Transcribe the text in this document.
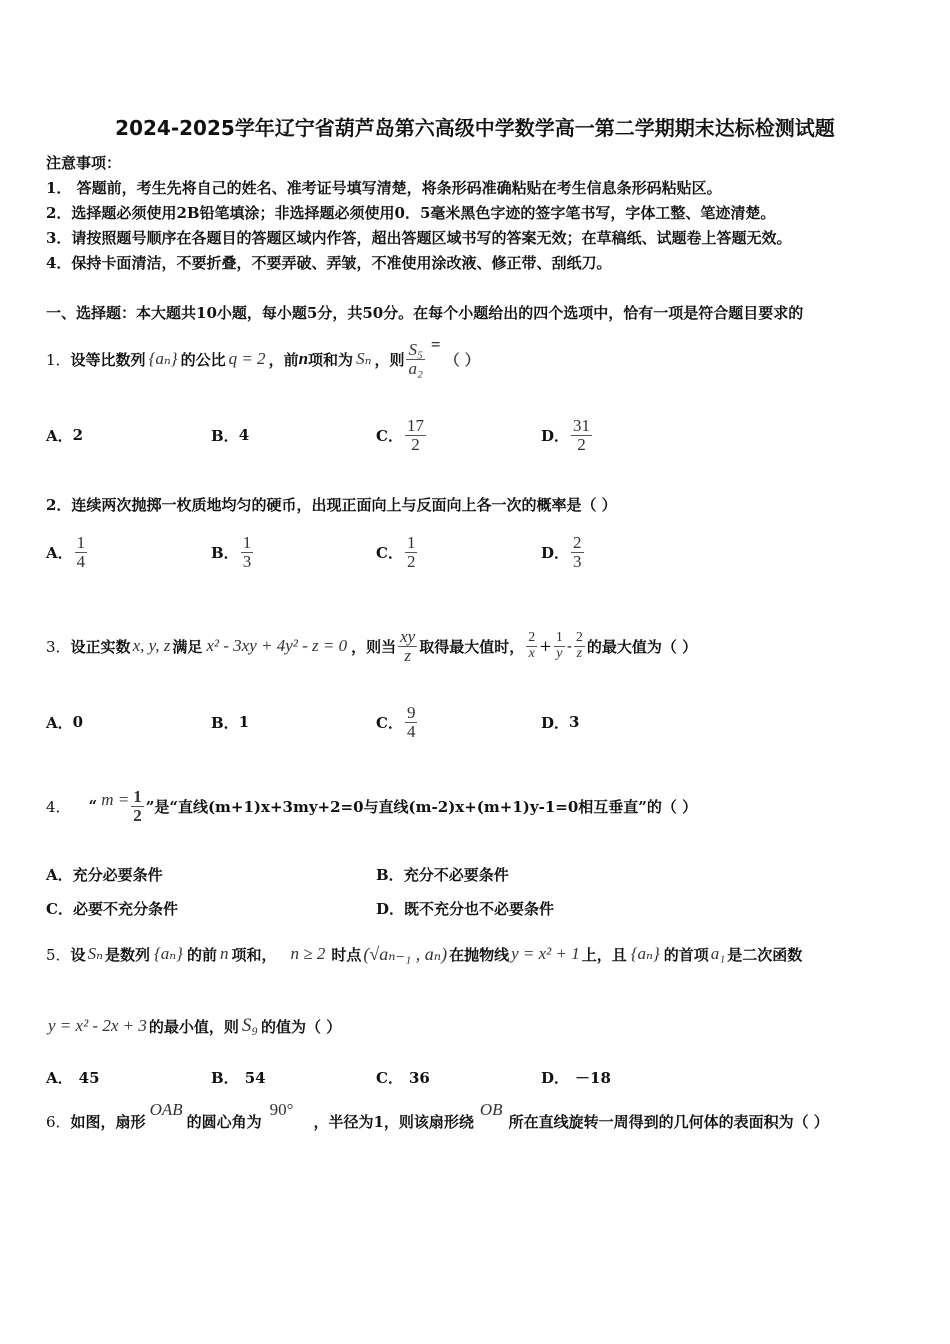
2024-2025学年辽宁省葫芦岛第六高级中学数学高一第二学期期末达标检测试题
注意事项：
1． 答题前，考生先将自己的姓名、准考证号填写清楚，将条形码准确粘贴在考生信息条形码粘贴区。
2．选择题必须使用2B铅笔填涂；非选择题必须使用0．5毫米黑色字迹的签字笔书写，字体工整、笔迹清楚。
3．请按照题号顺序在各题目的答题区域内作答，超出答题区域书写的答案无效；在草稿纸、试题卷上答题无效。
4．保持卡面清洁，不要折叠，不要弄破、弄皱，不准使用涂改液、修正带、刮纸刀。
一、选择题：本大题共10小题，每小题5分，共50分。在每个小题给出的四个选项中，恰有一项是符合题目要求的
1． 设等比数列 {aₙ} 的公比 q = 2 ，前 n 项和为 Sₙ ，则 $\frac{\text{S₅}}{\text{a₂}}$ =
（ ）
A． 2	B． 4	C． $\frac{17}{2}$	D． $\frac{31}{2}$
2．连续两次抛掷一枚质地均匀的硬币，出现正面向上与反面向上各一次的概率是（ ）
A． $\frac{1}{4}$	B． $\frac{1}{3}$	C． $\frac{1}{2}$	D． $\frac{2}{3}$
3． 设正实数 x, y, z 满足 x² - 3xy + 4y² - z = 0 ，则当 $\frac{xy}{z}$ 取得最大值时， $\frac{2}{x} + \frac{1}{y} - \frac{2}{z}$ 的最大值为（ ）
A． 0	B． 1	C． $\frac{9}{4}$	D． 3
4． “ $m = \frac{1}{2}$ ”是“直线(m+1)x+3my+2=0与直线(m-2)x+(m+1)y-1=0相互垂直”的（ ）
A．充分必要条件	B．充分不必要条件
C．必要不充分条件	D．既不充分也不必要条件
5． 设 Sₙ 是数列 {aₙ} 的前 n 项和， n ≥ 2 时点 (√aₙ₋₁ , aₙ) 在抛物线 y = x² + 1 上，且 {aₙ} 的首项 a₁ 是二次函数
y = x² - 2x + 3 的最小值，则 S₉ 的值为（ ）
A． 45	B． 54	C． 36	D． －18
6． 如图，扇形
OAB
的圆心角为
90°
，半径为1，则该扇形绕
OB
所在直线旋转一周得到的几何体的表面积为（ ）
